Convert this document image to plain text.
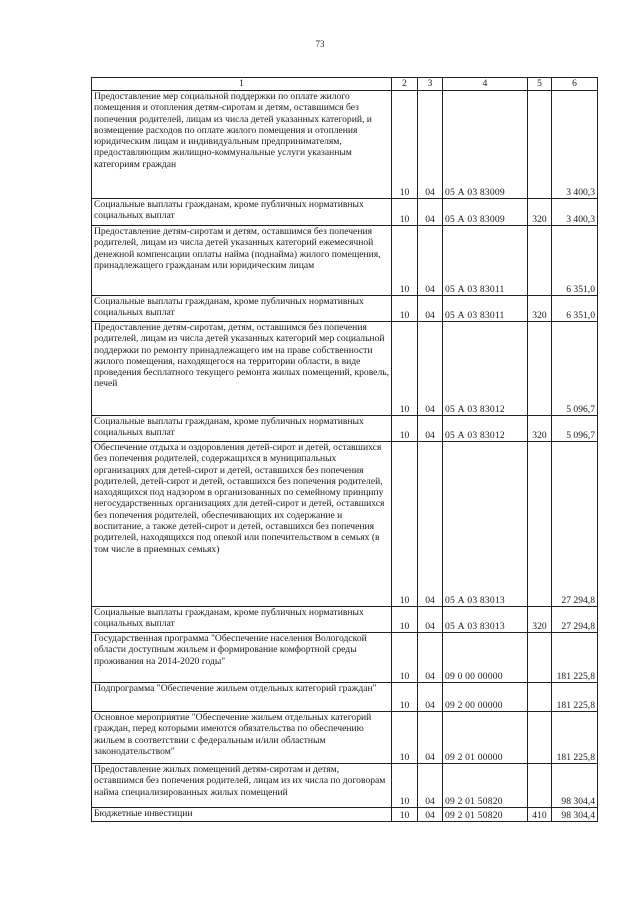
73
1	2	3	4	5	6
Предоставление мер социальной поддержки по оплате жилого помещения и отопления детям-сиротам и детям, оставшимся без попечения родителей, лицам из числа детей указанных категорий, и возмещение расходов по оплате жилого помещения и отопления юридическим лицам и индивидуальным предпринимателям, предоставляющим жилищно-коммунальные услуги указанным категориям граждан	10	04	05 А 03 83009		3 400,3
Социальные выплаты гражданам, кроме публичных нормативных социальных выплат	10	04	05 А 03 83009	320	3 400,3
Предоставление детям-сиротам и детям, оставшимся без попечения родителей, лицам из числа детей указанных категорий ежемесячной денежной компенсации оплаты найма (поднайма) жилого помещения, принадлежащего гражданам или юридическим лицам	10	04	05 А 03 83011		6 351,0
Социальные выплаты гражданам, кроме публичных нормативных социальных выплат	10	04	05 А 03 83011	320	6 351,0
Предоставление детям-сиротам, детям, оставшимся без попечения родителей, лицам из числа детей указанных категорий мер социальной поддержки по ремонту принадлежащего им на праве собственности жилого помещения, находящегося на территории области, в виде проведения бесплатного текущего ремонта жилых помещений, кровель, печей	10	04	05 А 03 83012		5 096,7
Социальные выплаты гражданам, кроме публичных нормативных социальных выплат	10	04	05 А 03 83012	320	5 096,7
Обеспечение отдыха и оздоровления детей-сирот и детей, оставшихся без попечения родителей, содержащихся в муниципальных организациях для детей-сирот и детей, оставшихся без попечения родителей, детей-сирот и детей, оставшихся без попечения родителей, находящихся под надзором в организованных по семейному принципу негосударственных организациях для детей-сирот и детей, оставшихся без попечения родителей, обеспечивающих их содержание и воспитание, а также детей-сирот и детей, оставшихся без попечения родителей, находящихся под опекой или попечительством в семьях (в том числе в приемных семьях)	10	04	05 А 03 83013		27 294,8
Социальные выплаты гражданам, кроме публичных нормативных социальных выплат	10	04	05 А 03 83013	320	27 294,8
Государственная программа "Обеспечение населения Вологодской области доступным жильем и формирование комфортной среды проживания на 2014-2020 годы"	10	04	09 0 00 00000		181 225,8
Подпрограмма "Обеспечение жильем отдельных категорий граждан"	10	04	09 2 00 00000		181 225,8
Основное мероприятие "Обеспечение жильем отдельных категорий граждан, перед которыми имеются обязательства по обеспечению жильем в соответствии с федеральным и/или областным законодательством"	10	04	09 2 01 00000		181 225,8
Предоставление жилых помещений детям-сиротам и детям, оставшимся без попечения родителей, лицам из их числа по договорам найма специализированных жилых помещений	10	04	09 2 01 50820		98 304,4
Бюджетные инвестиции	10	04	09 2 01 50820	410	98 304,4
